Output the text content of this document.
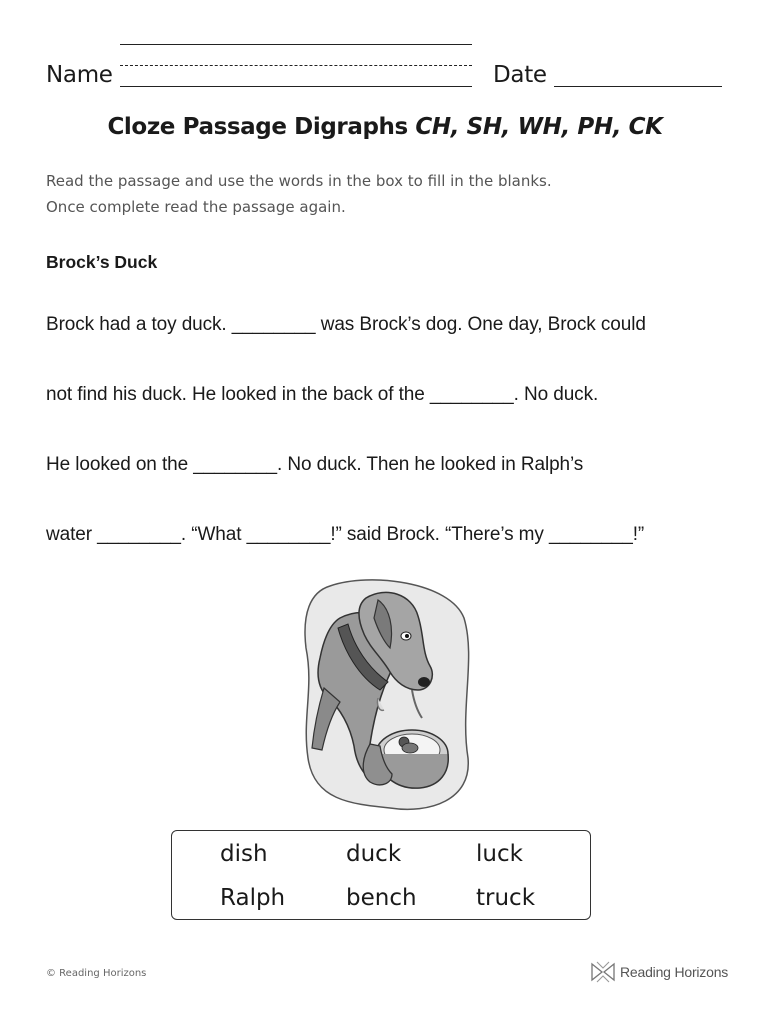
Name	Date
Cloze Passage Digraphs CH, SH, WH, PH, CK
Read the passage and use the words in the box to fill in the blanks.
Once complete read the passage again.
Brock’s Duck
Brock had a toy duck. ________ was Brock’s dog. One day, Brock could
not find his duck. He looked in the back of the ________. No duck.
He looked on the ________. No duck. Then he looked in Ralph’s
water ________. “What ________!” said Brock. “There’s my ________!”
dish	duck	luck
Ralph	bench	truck
© Reading Horizons	Reading Horizons
